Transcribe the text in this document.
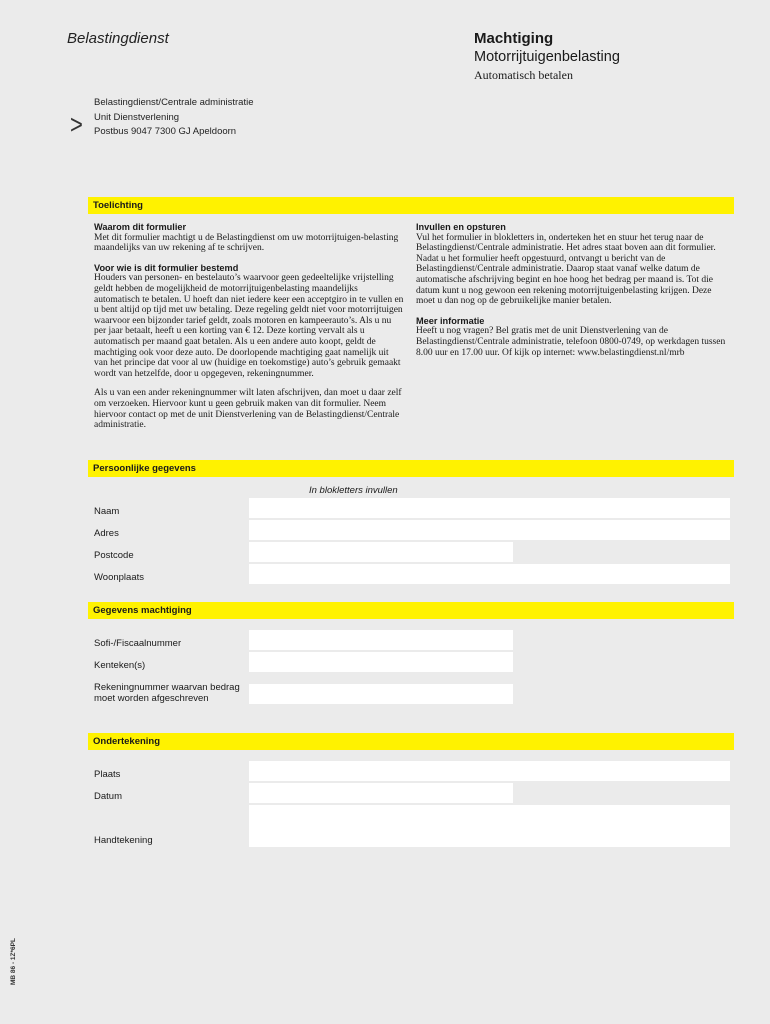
Belastingdienst	Machtiging
Motorrijtuigenbelasting
Automatisch betalen
Belastingdienst/Centrale administratie
Unit Dienstverlening
> Postbus 9047 7300 GJ Apeldoorn
Toelichting
Waarom dit formulier

Met dit formulier machtigt u de Belastingdienst om uw motorrijtuigen-belasting maandelijks van uw rekening af te schrijven.

Voor wie is dit formulier bestemd

Houders van personen- en bestelauto’s waarvoor geen gedeeltelijke vrijstelling geldt hebben de mogelijkheid de motorrijtuigenbelasting maandelijks automatisch te betalen. U hoeft dan niet iedere keer een acceptgiro in te vullen en u bent altijd op tijd met uw betaling. Deze regeling geldt niet voor motorrijtuigen waarvoor een bijzonder tarief geldt, zoals motoren en kampeerauto’s. Als u nu per jaar betaalt, heeft u een korting van € 12. Deze korting vervalt als u automatisch per maand gaat betalen. Als u een andere auto koopt, geldt de machtiging ook voor deze auto. De doorlopende machtiging gaat namelijk uit van het principe dat voor al uw (huidige en toekomstige) auto’s gebruik gemaakt wordt van hetzelfde, door u opgegeven, rekeningnummer.

Als u van een ander rekeningnummer wilt laten afschrijven, dan moet u daar zelf om verzoeken. Hiervoor kunt u geen gebruik maken van dit formulier. Neem hiervoor contact op met de unit Dienstverlening van de Belastingdienst/Centrale administratie.

Invullen en opsturen

Vul het formulier in blokletters in, onderteken het en stuur het terug naar de Belastingdienst/Centrale administratie. Het adres staat boven aan dit formulier. Nadat u het formulier heeft opgestuurd, ontvangt u bericht van de Belastingdienst/Centrale administratie. Daarop staat vanaf welke datum de automatische afschrijving begint en hoe hoog het bedrag per maand is. Tot die datum kunt u nog gewoon een rekening motorrijtuigenbelasting krijgen. Deze moet u dan nog op de gebruikelijke manier betalen.

Meer informatie

Heeft u nog vragen? Bel gratis met de unit Dienstverlening van de Belastingdienst/Centrale administratie, telefoon 0800-0749, op werkdagen tussen 8.00 uur en 17.00 uur. Of kijk op internet: www.belastingdienst.nl/mrb

Persoonlijke gegevens
In blokletters invullen
Naam
Adres
Postcode
Woonplaats
Gegevens machtiging
Sofi-/Fiscaalnummer
Kenteken(s)
Rekeningnummer waarvan bedrag moet worden afgeschreven
Ondertekening
Plaats
Datum
Handtekening
MB 86 - 1Z*6PL
